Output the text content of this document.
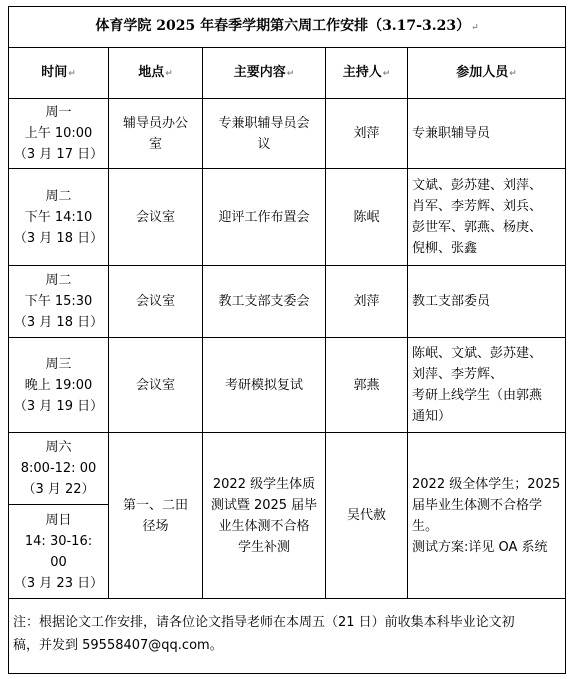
体育学院 2025 年春季学期第六周工作安排（3.17-3.23）↵				
时间↵	地点↵	主要内容↵	主持人↵	参加人员↵

周一
上午 10:00
（3 月 17 日）	辅导员办公
室	专兼职辅导员会
议	刘萍	专兼职辅导员

周二
下午 14:10
（3 月 18 日）	会议室	迎评工作布置会	陈岷	文斌、彭苏建、刘萍、
肖军、李芳辉、刘兵、
彭世军、郭燕、杨庚、
倪柳、张鑫

周二
下午 15:30
（3 月 18 日）	会议室	教工支部支委会	刘萍	教工支部委员

周三
晚上 19:00
（3 月 19 日）	会议室	考研模拟复试	郭燕	陈岷、文斌、彭苏建、
刘萍、李芳辉、
考研上线学生（由郭燕
通知）

周六
8:00-12: 00
（3 月 22）	第一、二田
径场	2022 级学生体质
测试暨 2025 届毕
业生体测不合格
学生补测	吴代赦	2022 级全体学生；2025
届毕业生体测不合格学
生。
测试方案:详见 OA 系统

周日
14: 30-16:
00
（3 月 23 日）				

注：根据论文工作安排，请各位论文指导老师在本周五（21 日）前收集本科毕业论文初
稿，并发到 59558407@qq.com。				
